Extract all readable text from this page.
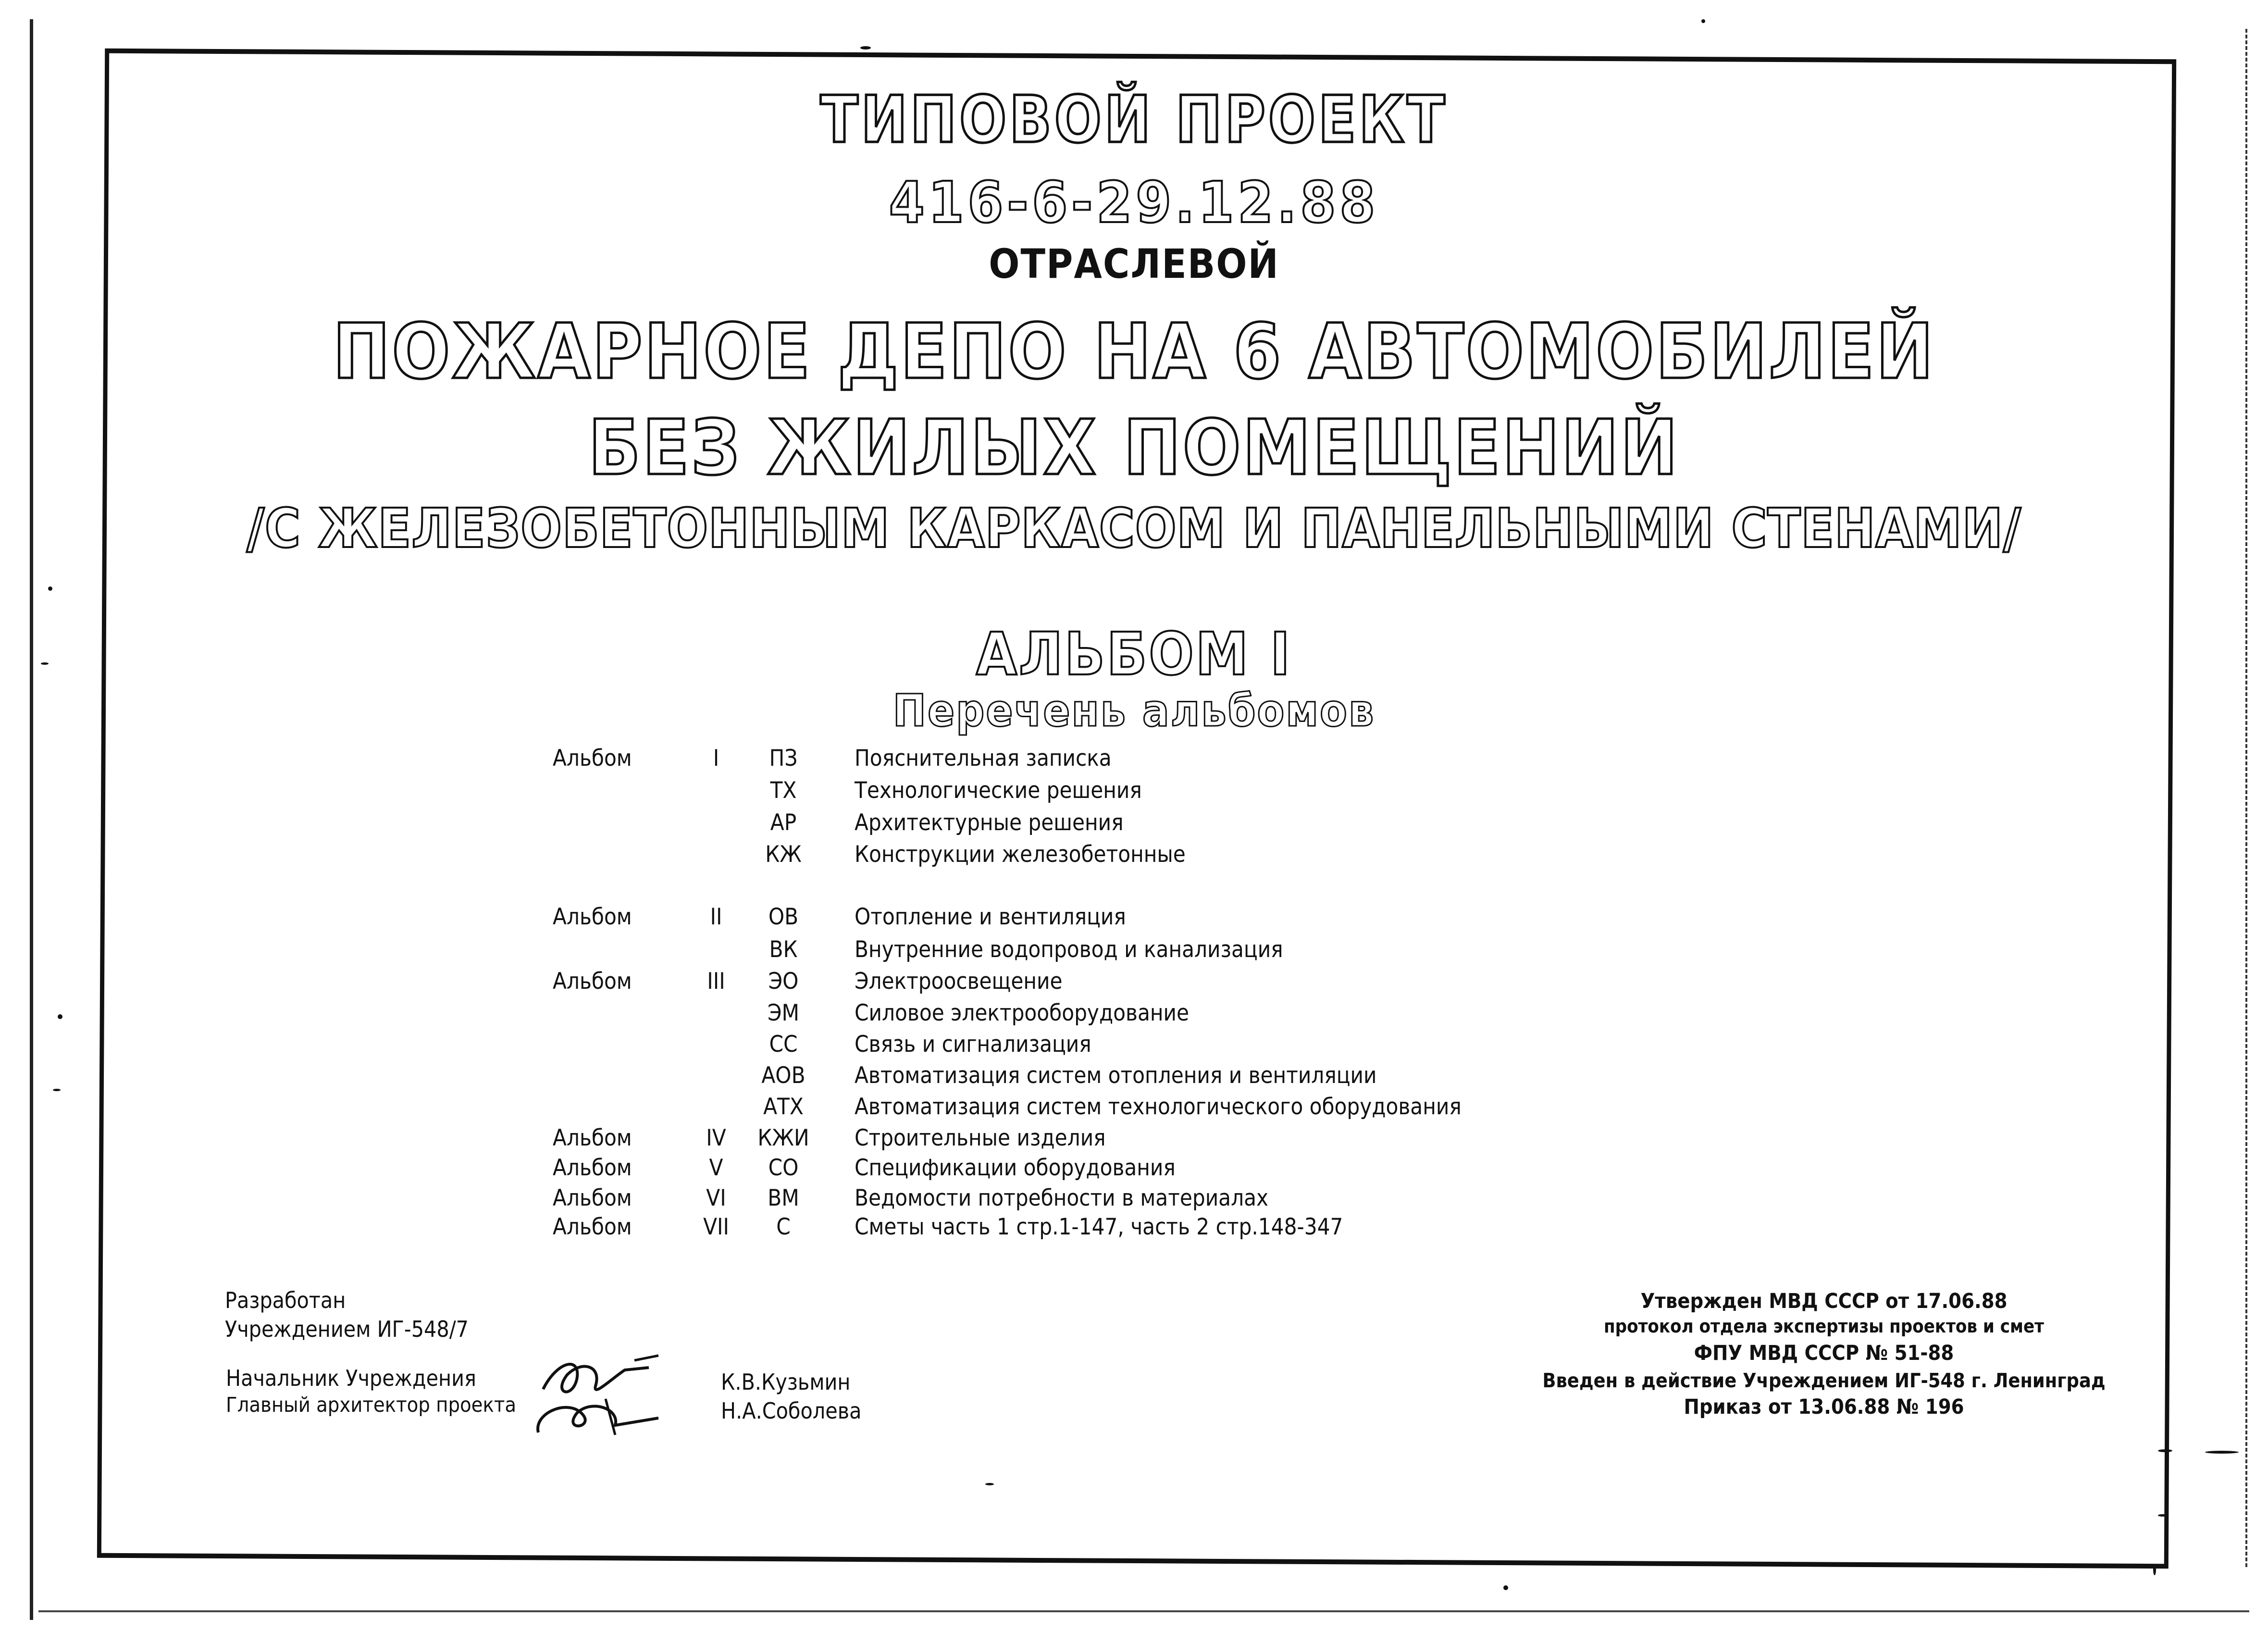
ТИПОВОЙ ПРОЕКТ
416-6-29.12.88
ОТРАСЛЕВОЙ
ПОЖАРНОЕ ДЕПО НА 6 АВТОМОБИЛЕЙ
БЕЗ ЖИЛЫХ ПОМЕЩЕНИЙ
/С ЖЕЛЕЗОБЕТОННЫМ КАРКАСОМ И ПАНЕЛЬНЫМИ СТЕНАМИ/
АЛЬБОМ I
Перечень альбомов
Альбом	I	ПЗ	Пояснительная записка
ТХ	Технологические решения
АР	Архитектурные решения
КЖ	Конструкции железобетонные
Альбом	II	ОВ	Отопление и вентиляция
ВК	Внутренние водопровод и канализация
Альбом	III	ЭО	Электроосвещение
ЭМ	Силовое электрооборудование
СС	Связь и сигнализация
АОВ	Автоматизация систем отопления и вентиляции
АТХ	Автоматизация систем технологического оборудования
Альбом	IV	КЖИ	Строительные изделия
Альбом	V	СО	Спецификации оборудования
Альбом	VI	ВМ	Ведомости потребности в материалах
Альбом	VII	С	Сметы часть 1 стр.1-147, часть 2 стр.148-347
Разработан
Учреждением ИГ-548/7
Начальник Учреждения
Главный архитектор проекта
К.В.Кузьмин
Н.А.Соболева
Утвержден МВД СССР от 17.06.88
протокол отдела экспертизы проектов и смет
ФПУ МВД СССР № 51-88
Введен в действие Учреждением ИГ-548 г. Ленинград
Приказ от 13.06.88 № 196
